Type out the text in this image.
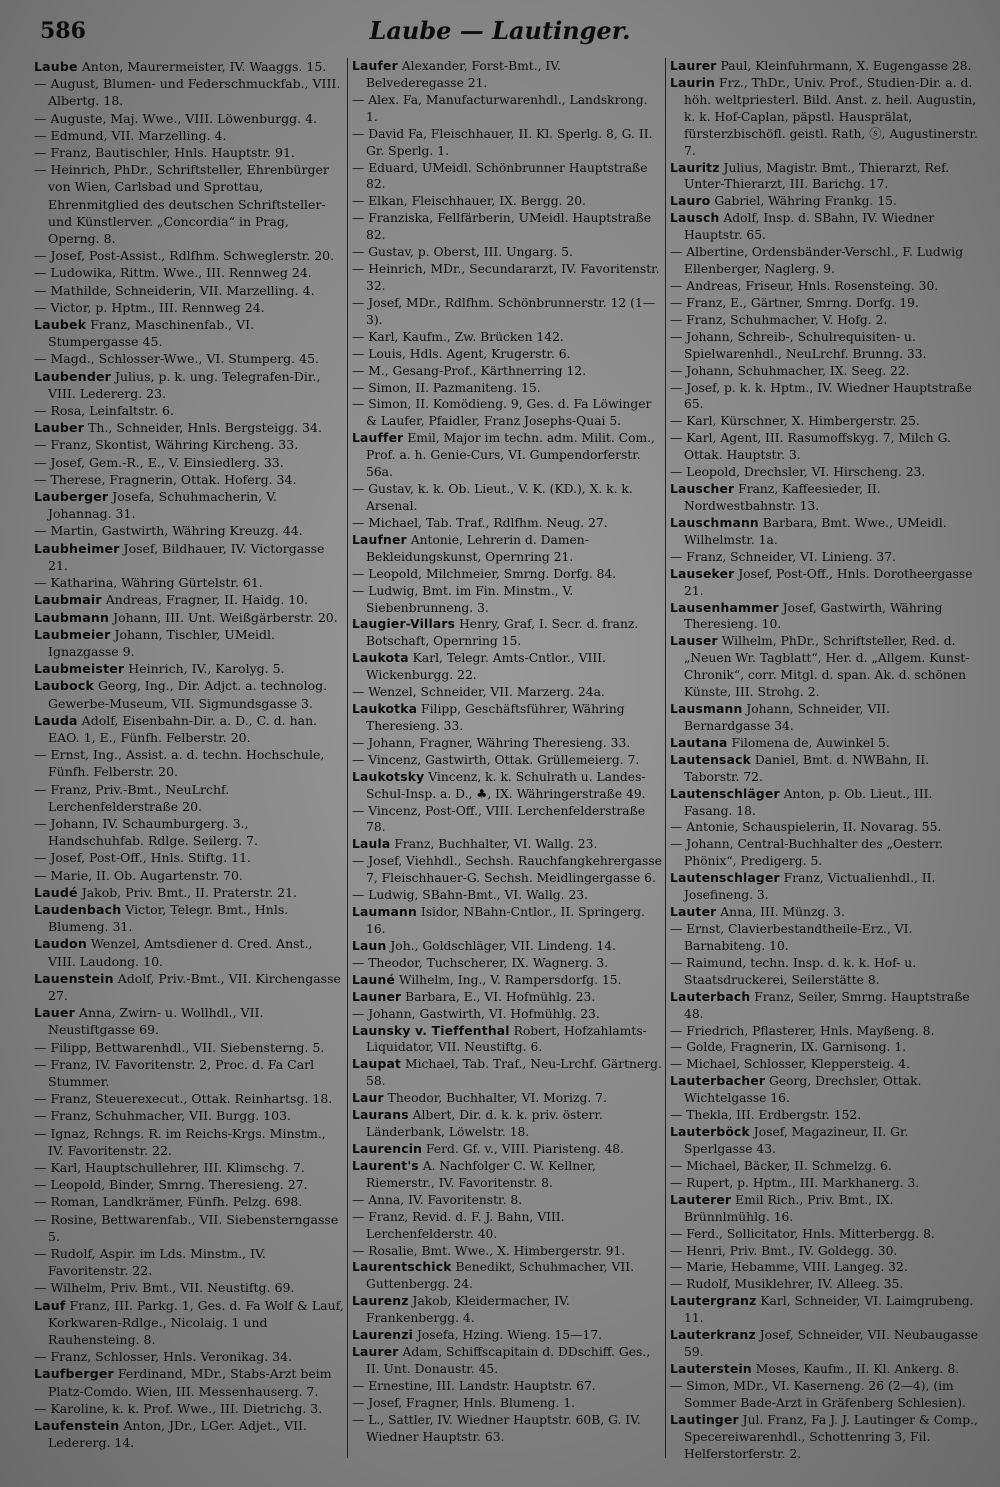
586	Laube — Lautinger.

Laube Anton, Maurermeister, IV. Waaggs. 15.

— August, Blumen- und Federschmuckfab., VIII. Albertg. 18.

— Auguste, Maj. Wwe., VIII. Löwenburgg. 4.

— Edmund, VII. Marzelling. 4.

— Franz, Bautischler, Hnls. Hauptstr. 91.

— Heinrich, PhDr., Schriftsteller, Ehrenbürger von Wien, Carlsbad und Sprottau, Ehrenmitglied des deutschen Schriftsteller- und Künstlerver. „Concordia“ in Prag, Operng. 8.

— Josef, Post-Assist., Rdlfhm. Schweglerstr. 20.

— Ludowika, Rittm. Wwe., III. Rennweg 24.

— Mathilde, Schneiderin, VII. Marzelling. 4.

— Victor, p. Hptm., III. Rennweg 24.

Laubek Franz, Maschinenfab., VI. Stumpergasse 45.

— Magd., Schlosser-Wwe., VI. Stumperg. 45.

Laubender Julius, p. k. ung. Telegrafen-Dir., VIII. Ledererg. 23.

— Rosa, Leinfaltstr. 6.

Lauber Th., Schneider, Hnls. Bergsteigg. 34.

— Franz, Skontist, Währing Kircheng. 33.

— Josef, Gem.-R., E., V. Einsiedlerg. 33.

— Therese, Fragnerin, Ottak. Hoferg. 34.

Lauberger Josefa, Schuhmacherin, V. Johannag. 31.

— Martin, Gastwirth, Währing Kreuzg. 44.

Laubheimer Josef, Bildhauer, IV. Victorgasse 21.

— Katharina, Währing Gürtelstr. 61.

Laubmair Andreas, Fragner, II. Haidg. 10.

Laubmann Johann, III. Unt. Weißgärberstr. 20.

Laubmeier Johann, Tischler, UMeidl. Ignazgasse 9.

Laubmeister Heinrich, IV., Karolyg. 5.

Laubock Georg, Ing., Dir. Adjct. a. technolog. Gewerbe-Museum, VII. Sigmundsgasse 3.

Lauda Adolf, Eisenbahn-Dir. a. D., C. d. han. EAO. 1, E., Fünfh. Felberstr. 20.

— Ernst, Ing., Assist. a. d. techn. Hochschule, Fünfh. Felberstr. 20.

— Franz, Priv.-Bmt., NeuLrchf. Lerchenfelderstraße 20.

— Johann, IV. Schaumburgerg. 3., Handschuhfab. Rdlge. Seilerg. 7.

— Josef, Post-Off., Hnls. Stiftg. 11.

— Marie, II. Ob. Augartenstr. 70.

Laudé Jakob, Priv. Bmt., II. Praterstr. 21.

Laudenbach Victor, Telegr. Bmt., Hnls. Blumeng. 31.

Laudon Wenzel, Amtsdiener d. Cred. Anst., VIII. Laudong. 10.

Lauenstein Adolf, Priv.-Bmt., VII. Kirchengasse 27.

Lauer Anna, Zwirn- u. Wollhdl., VII. Neustiftgasse 69.

— Filipp, Bettwarenhdl., VII. Siebensterng. 5.

— Franz, IV. Favoritenstr. 2, Proc. d. Fa Carl Stummer.

— Franz, Steuerexecut., Ottak. Reinhartsg. 18.

— Franz, Schuhmacher, VII. Burgg. 103.

— Ignaz, Rchngs. R. im Reichs-Krgs. Minstm., IV. Favoritenstr. 22.

— Karl, Hauptschullehrer, III. Klimschg. 7.

— Leopold, Binder, Smrng. Theresieng. 27.

— Roman, Landkrämer, Fünfh. Pelzg. 698.

— Rosine, Bettwarenfab., VII. Siebensterngasse 5.

— Rudolf, Aspir. im Lds. Minstm., IV. Favoritenstr. 22.

— Wilhelm, Priv. Bmt., VII. Neustiftg. 69.

Lauf Franz, III. Parkg. 1, Ges. d. Fa Wolf & Lauf, Korkwaren-Rdlge., Nicolaig. 1 und Rauhensteing. 8.

— Franz, Schlosser, Hnls. Veronikag. 34.

Laufberger Ferdinand, MDr., Stabs-Arzt beim Platz-Comdo. Wien, III. Messenhauserg. 7.

— Karoline, k. k. Prof. Wwe., III. Dietrichg. 3.

Laufenstein Anton, JDr., LGer. Adjet., VII. Ledererg. 14.

Laufer Alexander, Forst-Bmt., IV. Belvederegasse 21.

— Alex. Fa, Manufacturwarenhdl., Landskrong. 1.

— David Fa, Fleischhauer, II. Kl. Sperlg. 8, G. II. Gr. Sperlg. 1.

— Eduard, UMeidl. Schönbrunner Hauptstraße 82.

— Elkan, Fleischhauer, IX. Bergg. 20.

— Franziska, Fellfärberin, UMeidl. Hauptstraße 82.

— Gustav, p. Oberst, III. Ungarg. 5.

— Heinrich, MDr., Secundararzt, IV. Favoritenstr. 32.

— Josef, MDr., Rdlfhm. Schönbrunnerstr. 12 (1—3).

— Karl, Kaufm., Zw. Brücken 142.

— Louis, Hdls. Agent, Krugerstr. 6.

— M., Gesang-Prof., Kärthnerring 12.

— Simon, II. Pazmaniteng. 15.

— Simon, II. Komödieng. 9, Ges. d. Fa Löwinger & Laufer, Pfaidler, Franz Josephs-Quai 5.

Lauffer Emil, Major im techn. adm. Milit. Com., Prof. a. h. Genie-Curs, VI. Gumpendorferstr. 56a.

— Gustav, k. k. Ob. Lieut., V. K. (KD.), X. k. k. Arsenal.

— Michael, Tab. Traf., Rdlfhm. Neug. 27.

Laufner Antonie, Lehrerin d. Damen-Bekleidungskunst, Opernring 21.

— Leopold, Milchmeier, Smrng. Dorfg. 84.

— Ludwig, Bmt. im Fin. Minstm., V. Siebenbrunneng. 3.

Laugier-Villars Henry, Graf, I. Secr. d. franz. Botschaft, Opernring 15.

Laukota Karl, Telegr. Amts-Cntlor., VIII. Wickenburgg. 22.

— Wenzel, Schneider, VII. Marzerg. 24a.

Laukotka Filipp, Geschäftsführer, Währing Theresieng. 33.

— Johann, Fragner, Währing Theresieng. 33.

— Vincenz, Gastwirth, Ottak. Grüllemeierg. 7.

Laukotsky Vincenz, k. k. Schulrath u. Landes-Schul-Insp. a. D., ♣, IX. Währingerstraße 49.

— Vincenz, Post-Off., VIII. Lerchenfelderstraße 78.

Laula Franz, Buchhalter, VI. Wallg. 23.

— Josef, Viehhdl., Sechsh. Rauchfangkehrergasse 7, Fleischhauer-G. Sechsh. Meidlingergasse 6.

— Ludwig, SBahn-Bmt., VI. Wallg. 23.

Laumann Isidor, NBahn-Cntlor., II. Springerg. 16.

Laun Joh., Goldschläger, VII. Lindeng. 14.

— Theodor, Tuchscherer, IX. Wagnerg. 3.

Launé Wilhelm, Ing., V. Rampersdorfg. 15.

Launer Barbara, E., VI. Hofmühlg. 23.

— Johann, Gastwirth, VI. Hofmühlg. 23.

Launsky v. Tieffenthal Robert, Hofzahlamts-Liquidator, VII. Neustiftg. 6.

Laupat Michael, Tab. Traf., Neu-Lrchf. Gärtnerg. 58.

Laur Theodor, Buchhalter, VI. Morizg. 7.

Laurans Albert, Dir. d. k. k. priv. österr. Länderbank, Löwelstr. 18.

Laurencin Ferd. Gf. v., VIII. Piaristeng. 48.

Laurent's A. Nachfolger C. W. Kellner, Riemerstr., IV. Favoritenstr. 8.

— Anna, IV. Favoritenstr. 8.

— Franz, Revid. d. F. J. Bahn, VIII. Lerchenfelderstr. 40.

— Rosalie, Bmt. Wwe., X. Himbergerstr. 91.

Laurentschick Benedikt, Schuhmacher, VII. Guttenbergg. 24.

Laurenz Jakob, Kleidermacher, IV. Frankenbergg. 4.

Laurenzi Josefa, Hzing. Wieng. 15—17.

Laurer Adam, Schiffscapitain d. DDschiff. Ges., II. Unt. Donaustr. 45.

— Ernestine, III. Landstr. Hauptstr. 67.

— Josef, Fragner, Hnls. Blumeng. 1.

— L., Sattler, IV. Wiedner Hauptstr. 60B, G. IV. Wiedner Hauptstr. 63.

Laurer Paul, Kleinfuhrmann, X. Eugengasse 28.

Laurin Frz., ThDr., Univ. Prof., Studien-Dir. a. d. höh. weltpriesterl. Bild. Anst. z. heil. Augustin, k. k. Hof-Caplan, päpstl. Hausprälat, fürsterzbischöfl. geistl. Rath, ⓢ, Augustinerstr. 7.

Lauritz Julius, Magistr. Bmt., Thierarzt, Ref. Unter-Thierarzt, III. Barichg. 17.

Lauro Gabriel, Währing Frankg. 15.

Lausch Adolf, Insp. d. SBahn, IV. Wiedner Hauptstr. 65.

— Albertine, Ordensbänder-Verschl., F. Ludwig Ellenberger, Naglerg. 9.

— Andreas, Friseur, Hnls. Rosensteing. 30.

— Franz, E., Gärtner, Smrng. Dorfg. 19.

— Franz, Schuhmacher, V. Hofg. 2.

— Johann, Schreib-, Schulrequisiten- u. Spielwarenhdl., NeuLrchf. Brunng. 33.

— Johann, Schuhmacher, IX. Seeg. 22.

— Josef, p. k. k. Hptm., IV. Wiedner Hauptstraße 65.

— Karl, Kürschner, X. Himbergerstr. 25.

— Karl, Agent, III. Rasumoffskyg. 7, Milch G. Ottak. Hauptstr. 3.

— Leopold, Drechsler, VI. Hirscheng. 23.

Lauscher Franz, Kaffeesieder, II. Nordwestbahnstr. 13.

Lauschmann Barbara, Bmt. Wwe., UMeidl. Wilhelmstr. 1a.

— Franz, Schneider, VI. Linieng. 37.

Lauseker Josef, Post-Off., Hnls. Dorotheergasse 21.

Lausenhammer Josef, Gastwirth, Währing Theresieng. 10.

Lauser Wilhelm, PhDr., Schriftsteller, Red. d. „Neuen Wr. Tagblatt“, Her. d. „Allgem. Kunst-Chronik“, corr. Mitgl. d. span. Ak. d. schönen Künste, III. Strohg. 2.

Lausmann Johann, Schneider, VII. Bernardgasse 34.

Lautana Filomena de, Auwinkel 5.

Lautensack Daniel, Bmt. d. NWBahn, II. Taborstr. 72.

Lautenschläger Anton, p. Ob. Lieut., III. Fasang. 18.

— Antonie, Schauspielerin, II. Novarag. 55.

— Johann, Central-Buchhalter des „Oesterr. Phönix“, Predigerg. 5.

Lautenschlager Franz, Victualienhdl., II. Josefineng. 3.

Lauter Anna, III. Münzg. 3.

— Ernst, Clavierbestandtheile-Erz., VI. Barnabiteng. 10.

— Raimund, techn. Insp. d. k. k. Hof- u. Staatsdruckerei, Seilerstätte 8.

Lauterbach Franz, Seiler, Smrng. Hauptstraße 48.

— Friedrich, Pflasterer, Hnls. Mayßeng. 8.

— Golde, Fragnerin, IX. Garnisong. 1.

— Michael, Schlosser, Kleppersteig. 4.

Lauterbacher Georg, Drechsler, Ottak. Wichtelgasse 16.

— Thekla, III. Erdbergstr. 152.

Lauterböck Josef, Magazineur, II. Gr. Sperlgasse 43.

— Michael, Bäcker, II. Schmelzg. 6.

— Rupert, p. Hptm., III. Markhanerg. 3.

Lauterer Emil Rich., Priv. Bmt., IX. Brünnlmühlg. 16.

— Ferd., Sollicitator, Hnls. Mitterbergg. 8.

— Henri, Priv. Bmt., IV. Goldegg. 30.

— Marie, Hebamme, VIII. Langeg. 32.

— Rudolf, Musiklehrer, IV. Alleeg. 35.

Lautergranz Karl, Schneider, VI. Laimgrubeng. 11.

Lauterkranz Josef, Schneider, VII. Neubaugasse 59.

Lauterstein Moses, Kaufm., II. Kl. Ankerg. 8.

— Simon, MDr., VI. Kaserneng. 26 (2—4), (im Sommer Bade-Arzt in Gräfenberg Schlesien).

Lautinger Jul. Franz, Fa J. J. Lautinger & Comp., Specereiwarenhdl., Schottenring 3, Fil. Helferstorferstr. 2.
